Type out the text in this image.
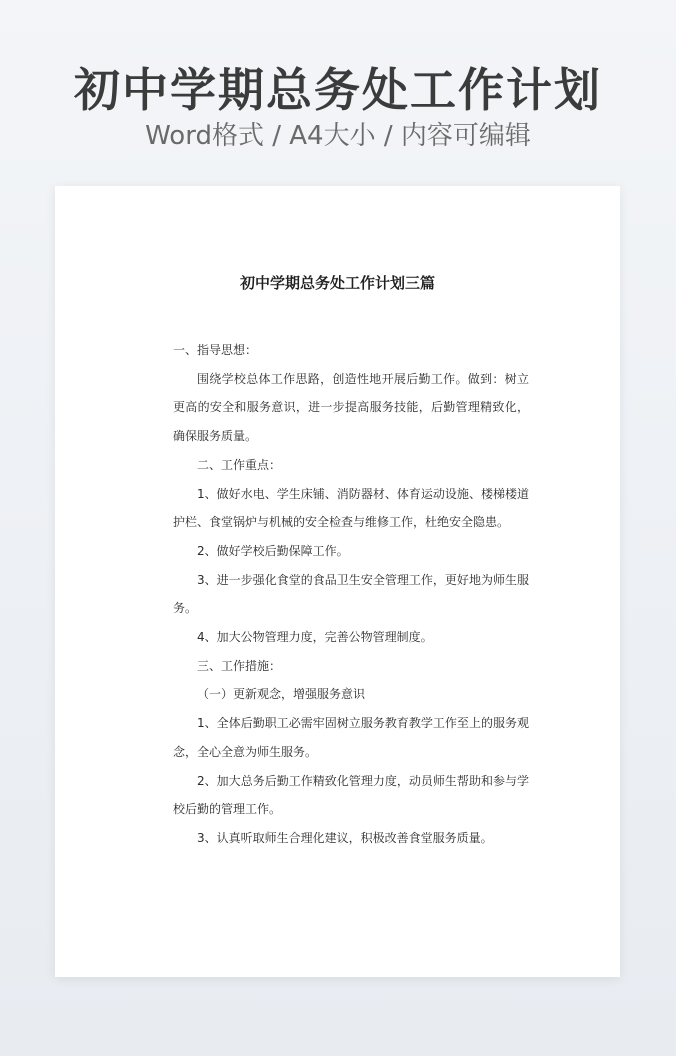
初中学期总务处工作计划
Word格式 / A4大小 / 内容可编辑
初中学期总务处工作计划三篇

一、指导思想：

围绕学校总体工作思路，创造性地开展后勤工作。做到：树立更高的安全和服务意识，进一步提高服务技能，后勤管理精致化，确保服务质量。

二、工作重点：

1、做好水电、学生床铺、消防器材、体育运动设施、楼梯楼道护栏、食堂锅炉与机械的安全检查与维修工作，杜绝安全隐患。

2、做好学校后勤保障工作。

3、进一步强化食堂的食品卫生安全管理工作，更好地为师生服务。

4、加大公物管理力度，完善公物管理制度。

三、工作措施：

（一）更新观念，增强服务意识

1、全体后勤职工必需牢固树立服务教育教学工作至上的服务观念，全心全意为师生服务。

2、加大总务后勤工作精致化管理力度，动员师生帮助和参与学校后勤的管理工作。

3、认真听取师生合理化建议，积极改善食堂服务质量。
